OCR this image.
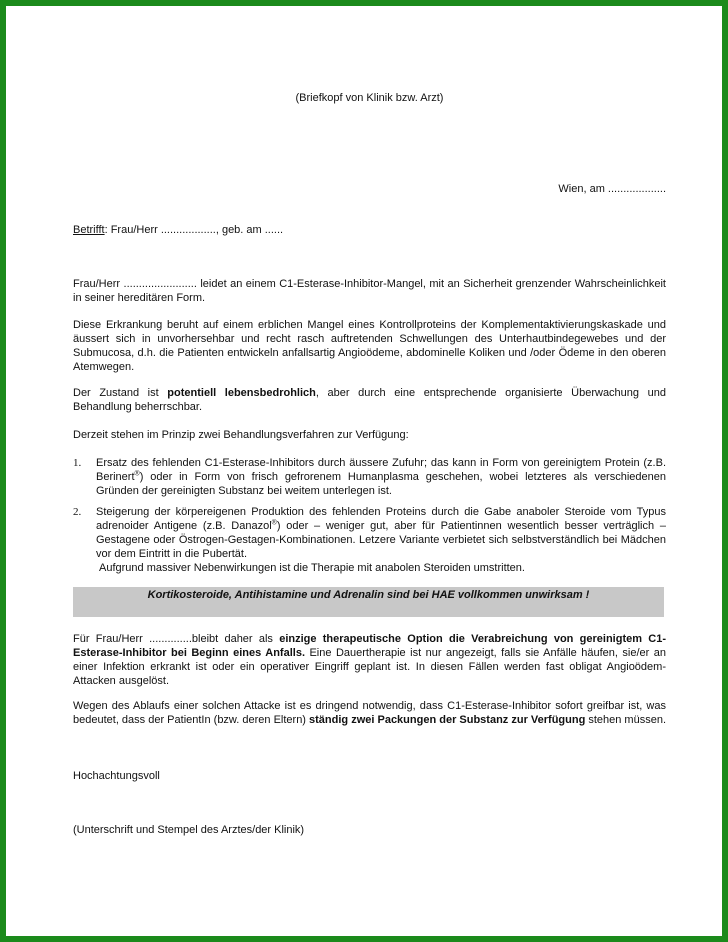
(Briefkopf von Klinik bzw. Arzt)
Wien, am ...................
Betrifft: Frau/Herr .................., geb. am ......
Frau/Herr ........................ leidet an einem C1-Esterase-Inhibitor-Mangel, mit an Sicherheit grenzender Wahrscheinlichkeit in seiner hereditären Form.
Diese Erkrankung beruht auf einem erblichen Mangel eines Kontrollproteins der Komplementaktivierungskaskade und äussert sich in unvorhersehbar und recht rasch auftretenden Schwellungen des Unterhautbindegewebes und der Submucosa, d.h. die Patienten entwickeln anfallsartig Angioödeme, abdominelle Koliken und /oder Ödeme in den oberen Atemwegen.
Der Zustand ist potentiell lebensbedrohlich, aber durch eine entsprechende organisierte Überwachung und Behandlung beherrschbar.
Derzeit stehen im Prinzip zwei Behandlungsverfahren zur Verfügung:
1. Ersatz des fehlenden C1-Esterase-Inhibitors durch äussere Zufuhr; das kann in Form von gereinigtem Protein (z.B. Berinert®) oder in Form von frisch gefrorenem Humanplasma geschehen, wobei letzteres als verschiedenen Gründen der gereinigten Substanz bei weitem unterlegen ist.
2. Steigerung der körpereigenen Produktion des fehlenden Proteins durch die Gabe anaboler Steroide vom Typus adrenoider Antigene (z.B. Danazol®) oder – weniger gut, aber für Patientinnen wesentlich besser verträglich – Gestagene oder Östrogen-Gestagen-Kombinationen. Letzere Variante verbietet sich selbstverständlich bei Mädchen vor dem Eintritt in die Pubertät.
Aufgrund massiver Nebenwirkungen ist die Therapie mit anabolen Steroiden umstritten.
Kortikosteroide, Antihistamine und Adrenalin sind bei HAE vollkommen unwirksam !
Für Frau/Herr ..............bleibt daher als einzige therapeutische Option die Verabreichung von gereinigtem C1-Esterase-Inhibitor bei Beginn eines Anfalls. Eine Dauertherapie ist nur angezeigt, falls sie Anfälle häufen, sie/er an einer Infektion erkrankt ist oder ein operativer Eingriff geplant ist. In diesen Fällen werden fast obligat Angioödem-Attacken ausgelöst.
Wegen des Ablaufs einer solchen Attacke ist es dringend notwendig, dass C1-Esterase-Inhibitor sofort greifbar ist, was bedeutet, dass der PatientIn (bzw. deren Eltern) ständig zwei Packungen der Substanz zur Verfügung stehen müssen.
Hochachtungsvoll
(Unterschrift und Stempel des Arztes/der Klinik)
